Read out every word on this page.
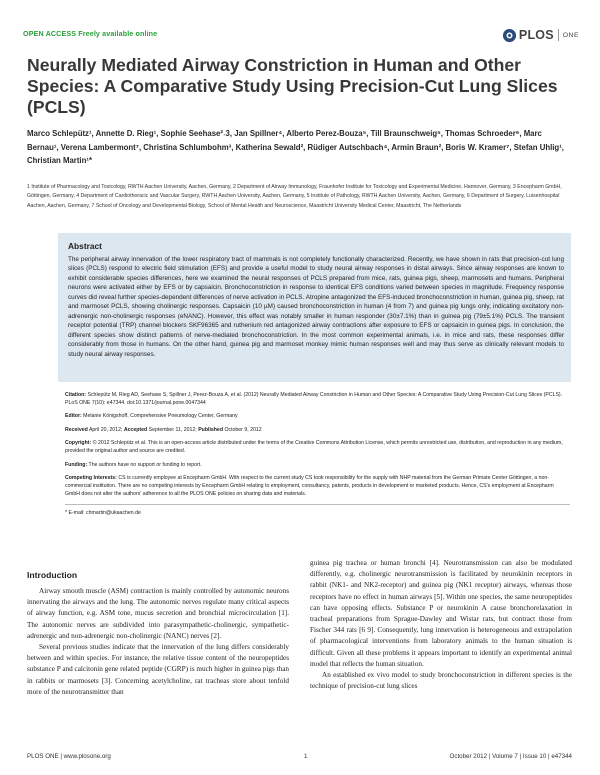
OPEN ACCESS Freely available online	PLOS ONE
Neurally Mediated Airway Constriction in Human and Other Species: A Comparative Study Using Precision-Cut Lung Slices (PCLS)
Marco Schlepütz¹, Annette D. Rieg¹, Sophie Seehase²˒3, Jan Spillner⁴, Alberto Perez-Bouza⁵, Till Braunschweig⁵, Thomas Schroeder⁶, Marc Bernau¹, Verena Lambermont⁷, Christina Schlumbohm³, Katherina Sewald², Rüdiger Autschbach⁴, Armin Braun², Boris W. Kramer⁷, Stefan Uhlig¹, Christian Martin¹*
1 Institute of Pharmacology and Toxicology, RWTH Aachen University, Aachen, Germany, 2 Department of Airway Immunology, Fraunhofer Institute for Toxicology and Experimental Medicine, Hannover, Germany, 3 Encepharm GmbH, Göttingen, Germany, 4 Department of Cardiothoracic and Vascular Surgery, RWTH Aachen University, Aachen, Germany, 5 Institute of Pathology, RWTH Aachen University, Aachen, Germany, 6 Department of Surgery, Luisenhospital Aachen, Aachen, Germany, 7 School of Oncology and Developmental Biology, School of Mental Health and Neuroscience, Maastricht University Medical Center, Maastricht, The Netherlands
Abstract
The peripheral airway innervation of the lower respiratory tract of mammals is not completely functionally characterized. Recently, we have shown in rats that precision-cut lung slices (PCLS) respond to electric field stimulation (EFS) and provide a useful model to study neural airway responses in distal airways. Since airway responses are known to exhibit considerable species differences, here we examined the neural responses of PCLS prepared from mice, rats, guinea pigs, sheep, marmosets and humans. Peripheral neurons were activated either by EFS or by capsaicin. Bronchoconstriction in response to identical EFS conditions varied between species in magnitude. Frequency response curves did reveal further species-dependent differences of nerve activation in PCLS. Atropine antagonized the EFS-induced bronchoconstriction in human, guinea pig, sheep, rat and marmoset PCLS, showing cholinergic responses. Capsaicin (10 µM) caused bronchoconstriction in human (4 from 7) and guinea pig lungs only, indicating excitatory non-adrenergic non-cholinergic responses (eNANC). However, this effect was notably smaller in human responder (30±7.1%) than in guinea pig (79±5.1%) PCLS. The transient receptor potential (TRP) channel blockers SKF96365 and ruthenium red antagonized airway contractions after exposure to EFS or capsaicin in guinea pigs. In conclusion, the different species show distinct patterns of nerve-mediated bronchoconstriction. In the most common experimental animals, i.e. in mice and rats, these responses differ considerably from those in humans. On the other hand, guinea pig and marmoset monkey mimic human responses well and may thus serve as clinically relevant models to study neural airway responses.

Citation: Schlepütz M, Rieg AD, Seehase S, Spillner J, Perez-Bouza A, et al. (2012) Neurally Mediated Airway Constriction in Human and Other Species: A Comparative Study Using Precision-Cut Lung Slices (PCLS). PLoS ONE 7(10): e47344. doi:10.1371/journal.pone.0047344

Editor: Melanie Königshoff, Comprehensive Pneumology Center, Germany

Received April 20, 2012; Accepted September 11, 2012; Published October 9, 2012

Copyright: © 2012 Schlepütz et al. This is an open-access article distributed under the terms of the Creative Commons Attribution License, which permits unrestricted use, distribution, and reproduction in any medium, provided the original author and source are credited.

Funding: The authors have no support or funding to report.

Competing Interests: CS is currently employee at Encepharm GmbH. With respect to the current study CS took responsibility for the supply with NHP material from the German Primate Center Göttingen, a non-commercial institution. There are no competing interests by Encepharm GmbH relating to employment, consultancy, patents, products in development or marketed products. Hence, CS's employment at Encepharm GmbH does not alter the authors' adherence to all the PLOS ONE policies on sharing data and materials.

* E-mail: chmartin@ukaachen.de

Introduction

Airway smooth muscle (ASM) contraction is mainly controlled by autonomic neurons innervating the airways and the lung. The autonomic nerves regulate many critical aspects of airway function, e.g. ASM tone, mucus secretion and bronchial microcirculation [1]. The autonomic nerves are subdivided into parasympathetic-cholinergic, sympathetic-adrenergic and non-adrenergic non-cholinergic (NANC) nerves [2].

Several previous studies indicate that the innervation of the lung differs considerably between and within species. For instance, the relative tissue content of the neuropeptides substance P and calcitonin gene related peptide (CGRP) is much higher in guinea pigs than in rabbits or marmosets [3]. Concerning acetylcholine, rat tracheas store about tenfold more of the neurotransmitter than

guinea pig trachea or human bronchi [4]. Neurotransmission can also be modulated differently, e.g. cholinergic neurotransmission is facilitated by neurokinin receptors in rabbit (NK1- and NK2-receptor) and guinea pig (NK1 receptor) airways, whereas those receptors have no effect in human airways [5]. Within one species, the same neuropeptides can have opposing effects. Substance P or neurokinin A cause bronchorelaxation in tracheal preparations from Sprague-Dawley and Wistar rats, but contract those from Fischer 344 rats [6 9]. Consequently, lung innervation is heterogeneous and extrapolation of pharmacological interventions from laboratory animals to the human situation is difficult. Given all these problems it appears important to identify an experimental animal model that reflects the human situation.

An established ex vivo model to study bronchoconstriction in different species is the technique of precision-cut lung slices

PLOS ONE | www.plosone.org	1	October 2012 | Volume 7 | Issue 10 | e47344
